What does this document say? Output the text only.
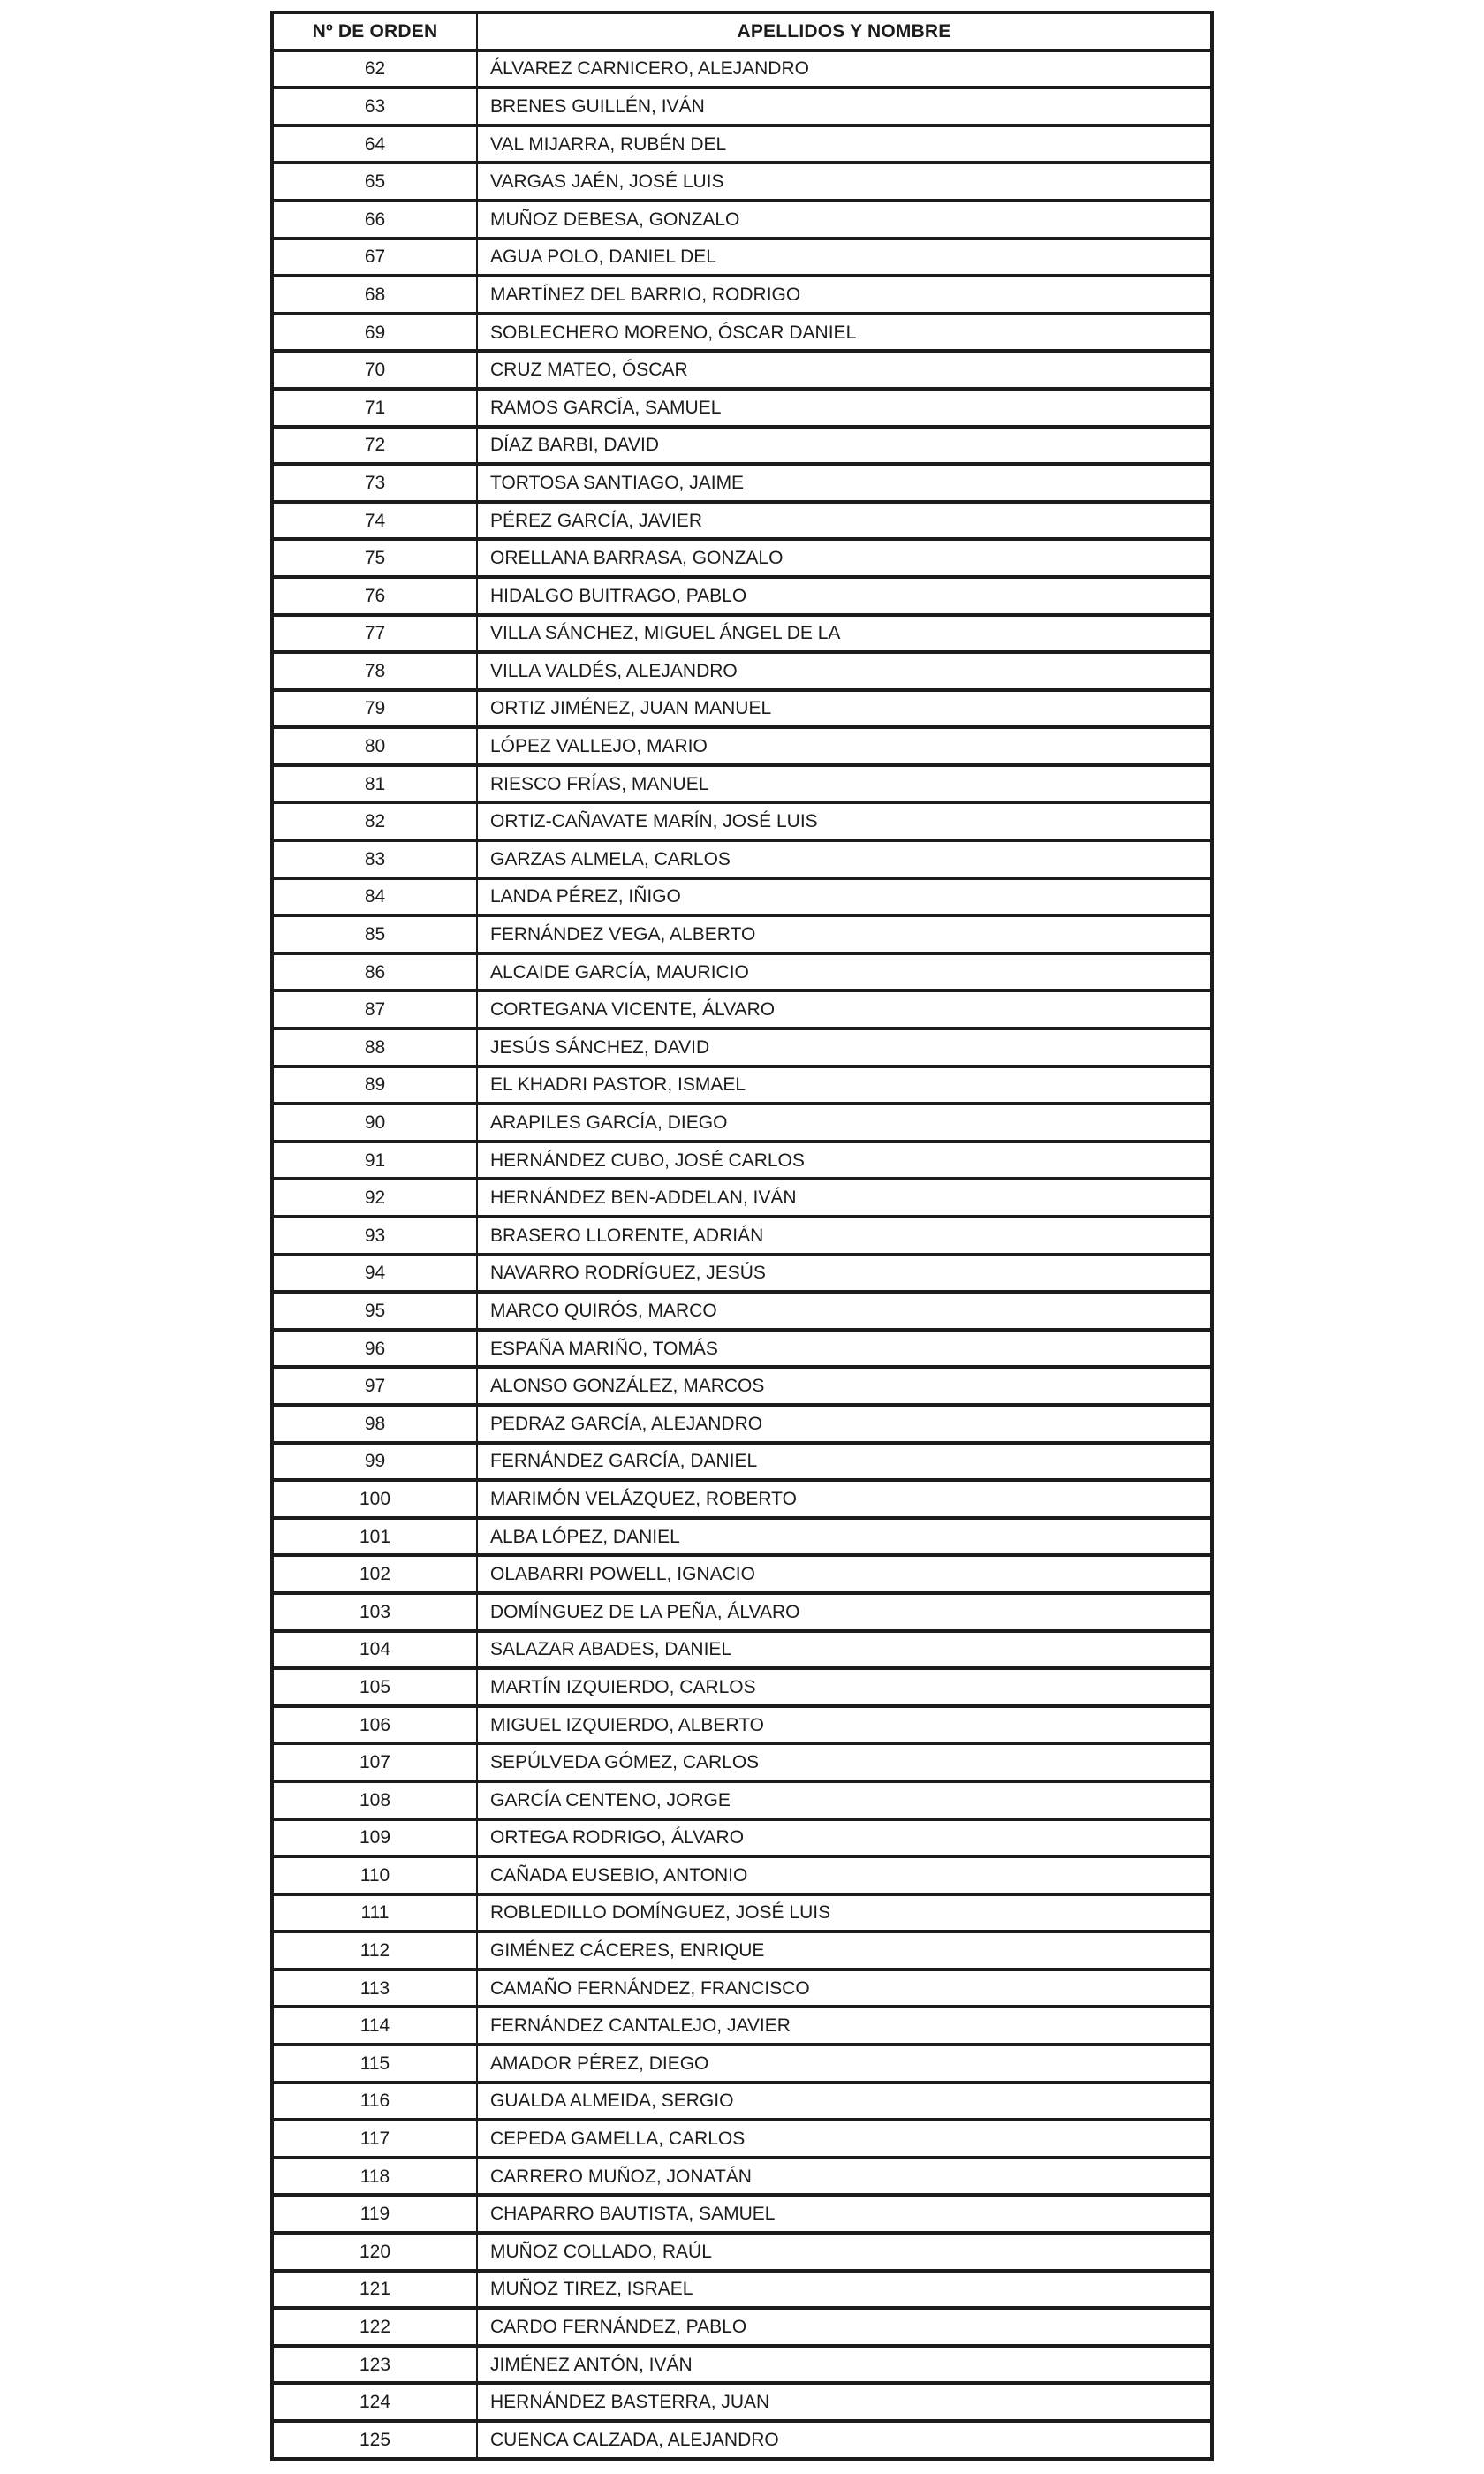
Nº DE ORDEN	APELLIDOS Y NOMBRE
62	ÁLVAREZ CARNICERO, ALEJANDRO
63	BRENES GUILLÉN, IVÁN
64	VAL MIJARRA, RUBÉN DEL
65	VARGAS JAÉN, JOSÉ LUIS
66	MUÑOZ DEBESA, GONZALO
67	AGUA POLO, DANIEL DEL
68	MARTÍNEZ DEL BARRIO, RODRIGO
69	SOBLECHERO MORENO, ÓSCAR DANIEL
70	CRUZ MATEO, ÓSCAR
71	RAMOS GARCÍA, SAMUEL
72	DÍAZ BARBI, DAVID
73	TORTOSA SANTIAGO, JAIME
74	PÉREZ GARCÍA, JAVIER
75	ORELLANA BARRASA, GONZALO
76	HIDALGO BUITRAGO, PABLO
77	VILLA SÁNCHEZ, MIGUEL ÁNGEL DE LA
78	VILLA VALDÉS, ALEJANDRO
79	ORTIZ JIMÉNEZ, JUAN MANUEL
80	LÓPEZ VALLEJO, MARIO
81	RIESCO FRÍAS, MANUEL
82	ORTIZ-CAÑAVATE MARÍN, JOSÉ LUIS
83	GARZAS ALMELA, CARLOS
84	LANDA PÉREZ, IÑIGO
85	FERNÁNDEZ VEGA, ALBERTO
86	ALCAIDE GARCÍA, MAURICIO
87	CORTEGANA VICENTE, ÁLVARO
88	JESÚS SÁNCHEZ, DAVID
89	EL KHADRI PASTOR, ISMAEL
90	ARAPILES GARCÍA, DIEGO
91	HERNÁNDEZ CUBO, JOSÉ CARLOS
92	HERNÁNDEZ BEN-ADDELAN, IVÁN
93	BRASERO LLORENTE, ADRIÁN
94	NAVARRO RODRÍGUEZ, JESÚS
95	MARCO QUIRÓS, MARCO
96	ESPAÑA MARIÑO, TOMÁS
97	ALONSO GONZÁLEZ, MARCOS
98	PEDRAZ GARCÍA, ALEJANDRO
99	FERNÁNDEZ GARCÍA, DANIEL
100	MARIMÓN VELÁZQUEZ, ROBERTO
101	ALBA LÓPEZ, DANIEL
102	OLABARRI POWELL, IGNACIO
103	DOMÍNGUEZ DE LA PEÑA, ÁLVARO
104	SALAZAR ABADES, DANIEL
105	MARTÍN IZQUIERDO, CARLOS
106	MIGUEL IZQUIERDO, ALBERTO
107	SEPÚLVEDA GÓMEZ, CARLOS
108	GARCÍA CENTENO, JORGE
109	ORTEGA RODRIGO, ÁLVARO
110	CAÑADA EUSEBIO, ANTONIO
111	ROBLEDILLO DOMÍNGUEZ, JOSÉ LUIS
112	GIMÉNEZ CÁCERES, ENRIQUE
113	CAMAÑO FERNÁNDEZ, FRANCISCO
114	FERNÁNDEZ CANTALEJO, JAVIER
115	AMADOR PÉREZ, DIEGO
116	GUALDA ALMEIDA, SERGIO
117	CEPEDA GAMELLA, CARLOS
118	CARRERO MUÑOZ, JONATÁN
119	CHAPARRO BAUTISTA, SAMUEL
120	MUÑOZ COLLADO, RAÚL
121	MUÑOZ TIREZ, ISRAEL
122	CARDO FERNÁNDEZ, PABLO
123	JIMÉNEZ ANTÓN, IVÁN
124	HERNÁNDEZ BASTERRA, JUAN
125	CUENCA CALZADA, ALEJANDRO
